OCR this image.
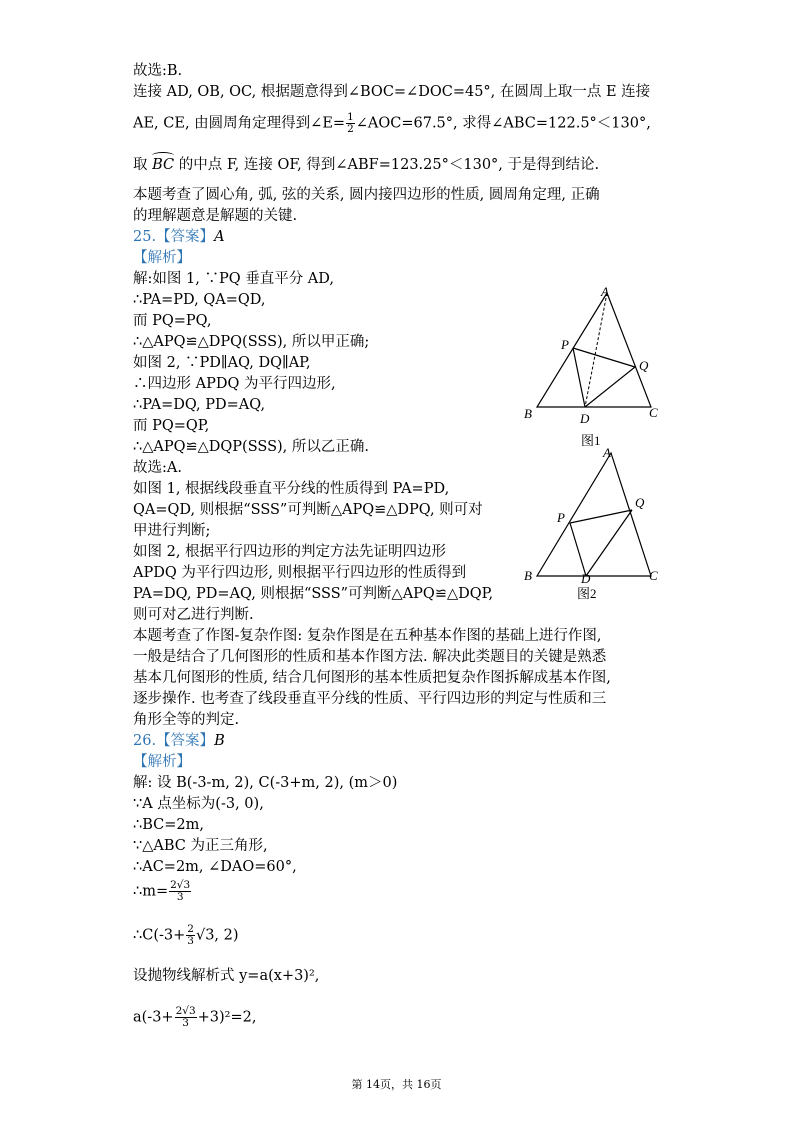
故选:B.
连接 AD, OB, OC, 根据题意得到∠BOC=∠DOC=45°, 在圆周上取一点 E 连接
AE, CE, 由圆周角定理得到∠E= $\frac{1}{2}$ ∠AOC=67.5°, 求得∠ABC=122.5°＜130°,
取 BC 的中点 F, 连接 OF, 得到∠ABF=123.25°＜130°, 于是得到结论.
本题考查了圆心角, 弧, 弦的关系, 圆内接四边形的性质, 圆周角定理, 正确
的理解题意是解题的关键.
25.【答案】A
【解析】
解:如图 1, ∵PQ 垂直平分 AD,
∴PA=PD, QA=QD,
而 PQ=PQ,
∴△APQ≌△DPQ(SSS), 所以甲正确;
如图 2, ∵PD∥AQ, DQ∥AP,
∴四边形 APDQ 为平行四边形,
∴PA=DQ, PD=AQ,
而 PQ=QP,
∴△APQ≌△DQP(SSS), 所以乙正确.
故选:A.
如图 1, 根据线段垂直平分线的性质得到 PA=PD,
QA=QD, 则根据“SSS”可判断△APQ≌△DPQ, 则可对
甲进行判断;
如图 2, 根据平行四边形的判定方法先证明四边形
APDQ 为平行四边形, 则根据平行四边形的性质得到
PA=DQ, PD=AQ, 则根据“SSS”可判断△APQ≌△DQP,
则可对乙进行判断.
本题考查了作图-复杂作图: 复杂作图是在五种基本作图的基础上进行作图,
一般是结合了几何图形的性质和基本作图方法. 解决此类题目的关键是熟悉
基本几何图形的性质, 结合几何图形的基本性质把复杂作图拆解成基本作图,
逐步操作. 也考查了线段垂直平分线的性质、平行四边形的判定与性质和三
角形全等的判定.
26.【答案】B
【解析】
解: 设 B(-3-m, 2), C(-3+m, 2), (m＞0)
∵A 点坐标为(-3, 0),
∴BC=2m,
∵△ABC 为正三角形,
∴AC=2m, ∠DAO=60°,
∴m= $\frac{2√3}{3}$
∴C(-3+ $\frac{2}{3} √3$, 2)
设抛物线解析式 y=a(x+3)²,
$a(-3+ \frac{2√3}{3} +3)^2=2$,
A
P
Q
B	D	C
图1
A
P
Q
B	D	C
图2
第 14页，共 16页
